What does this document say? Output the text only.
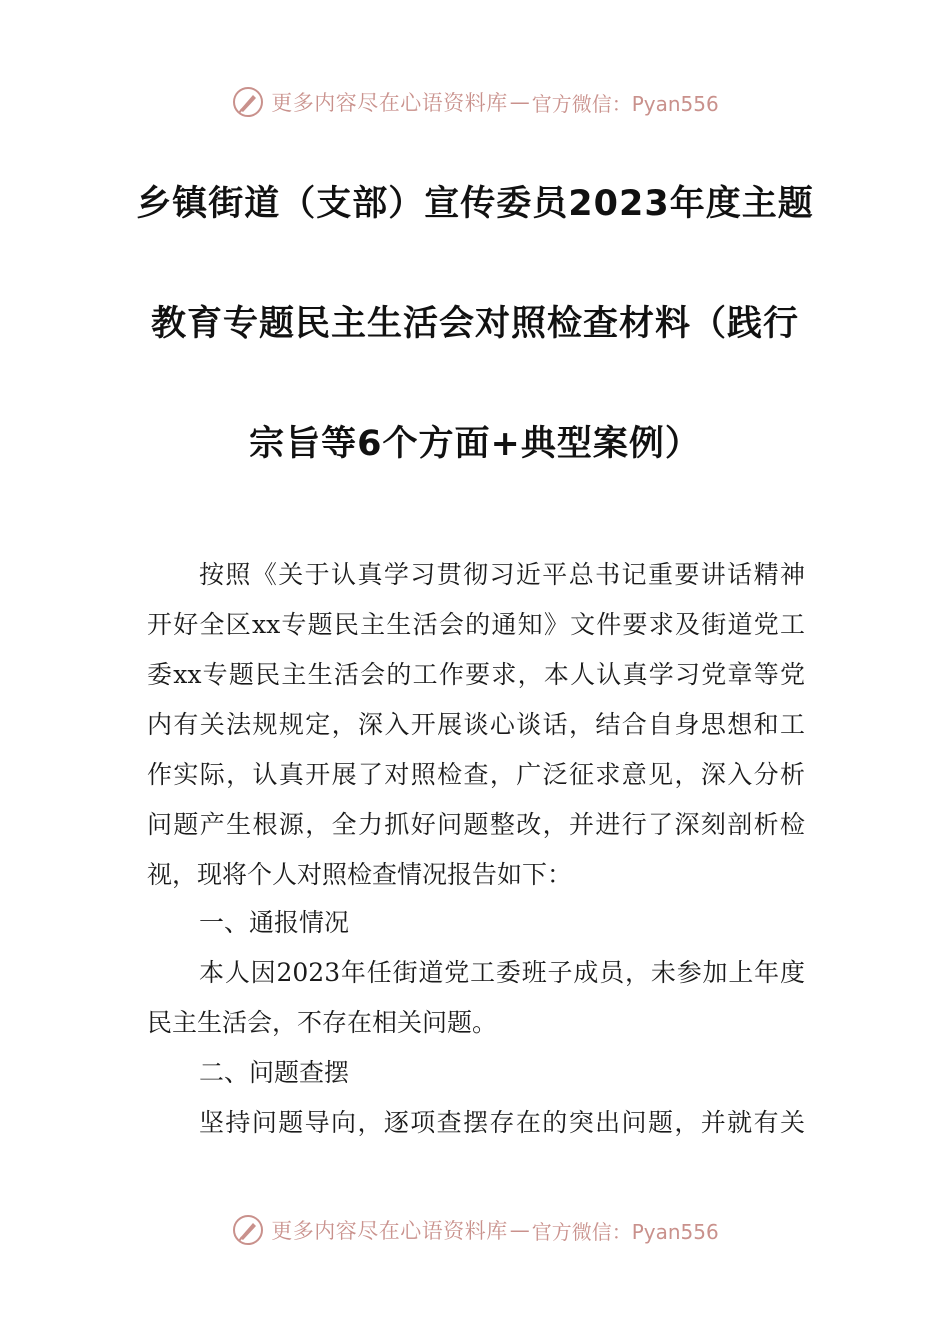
更多内容尽在心语资料库 — 官方微信：Pyan556
乡镇街道（支部）宣传委员2023年度主题
教育专题民主生活会对照检查材料（践行
宗旨等6个方面+典型案例）
按照《关于认真学习贯彻习近平总书记重要讲话精神
开好全区xx专题民主生活会的通知》文件要求及街道党工
委xx专题民主生活会的工作要求，本人认真学习党章等党
内有关法规规定，深入开展谈心谈话，结合自身思想和工
作实际，认真开展了对照检查，广泛征求意见，深入分析
问题产生根源，全力抓好问题整改，并进行了深刻剖析检
视，现将个人对照检查情况报告如下：
一、通报情况
本人因2023年任街道党工委班子成员，未参加上年度
民主生活会，不存在相关问题。
二、问题查摆
坚持问题导向，逐项查摆存在的突出问题，并就有关
更多内容尽在心语资料库 — 官方微信：Pyan556
